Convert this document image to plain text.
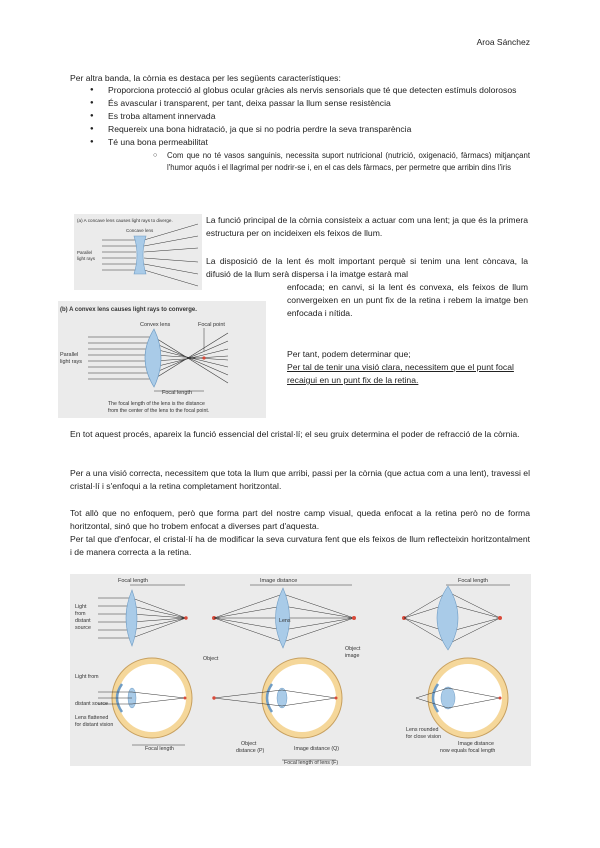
Aroa Sánchez
Per altra banda, la còrnia es destaca per les següents característiques:
● Proporciona protecció al globus ocular gràcies als nervis sensorials que té que detecten estímuls dolorosos
● És avascular i transparent, per tant, deixa passar la llum sense resistència
● Es troba altament innervada
● Requereix una bona hidratació, ja que si no podria perdre la seva transparència
● Té una bona permeabilitat
○ Com que no té vasos sanguinis, necessita suport nutricional (nutrició, oxigenació, fàrmacs) mitjançant l'humor aquós i el llagrimal per nodrir-se i, en el cas dels fàrmacs, per permetre que arribin dins l'iris
(a) A concave lens causes light rays to diverge.
Concave lens
Parallel
light rays
(b) A convex lens causes light rays to converge.
Convex lens	Focal point
Parallel
light rays
Focal length
The focal length of the lens is the distance
from the center of the lens to the focal point.
La funció principal de la còrnia consisteix a actuar com una lent; ja que és la primera estructura per on incideixen els feixos de llum.
La disposició de la lent és molt important perquè si tenim una lent còncava, la difusió de la llum serà dispersa i la imatge estarà mal
enfocada; en canvi, si la lent és convexa, els feixos de llum convergeixen en un punt fix de la retina i rebem la imatge ben enfocada i nítida.
Per tant, podem determinar que;
Per tal de tenir una visió clara, necessitem que el punt focal recaigui en un punt fix de la retina.
En tot aquest procés, apareix la funció essencial del cristal·lí; el seu gruix determina el poder de refracció de la còrnia.
Per a una visió correcta, necessitem que tota la llum que arribi, passi per la còrnia (que actua com a una lent), travessi el cristal·lí i s'enfoqui a la retina completament horitzontal.
Tot allò que no enfoquem, però que forma part del nostre camp visual, queda enfocat a la retina però no de forma horitzontal, sinó que ho trobem enfocat a diverses part d'aquesta.
Per tal que d'enfocar, el cristal·lí ha de modificar la seva curvatura fent que els feixos de llum reflecteixin horitzontalment i de manera correcta a la retina.
Focal length
Light
from
distant
source
Light from
distant source
Lens flattened
for distant vision
Focal length
Image distance
Lens
Object
Object
image
Object
distance (P)	Image distance (Q)
Focal length of lens (F)
Focal length
Lens rounded
for close vision
Image distance
now equals focal length
